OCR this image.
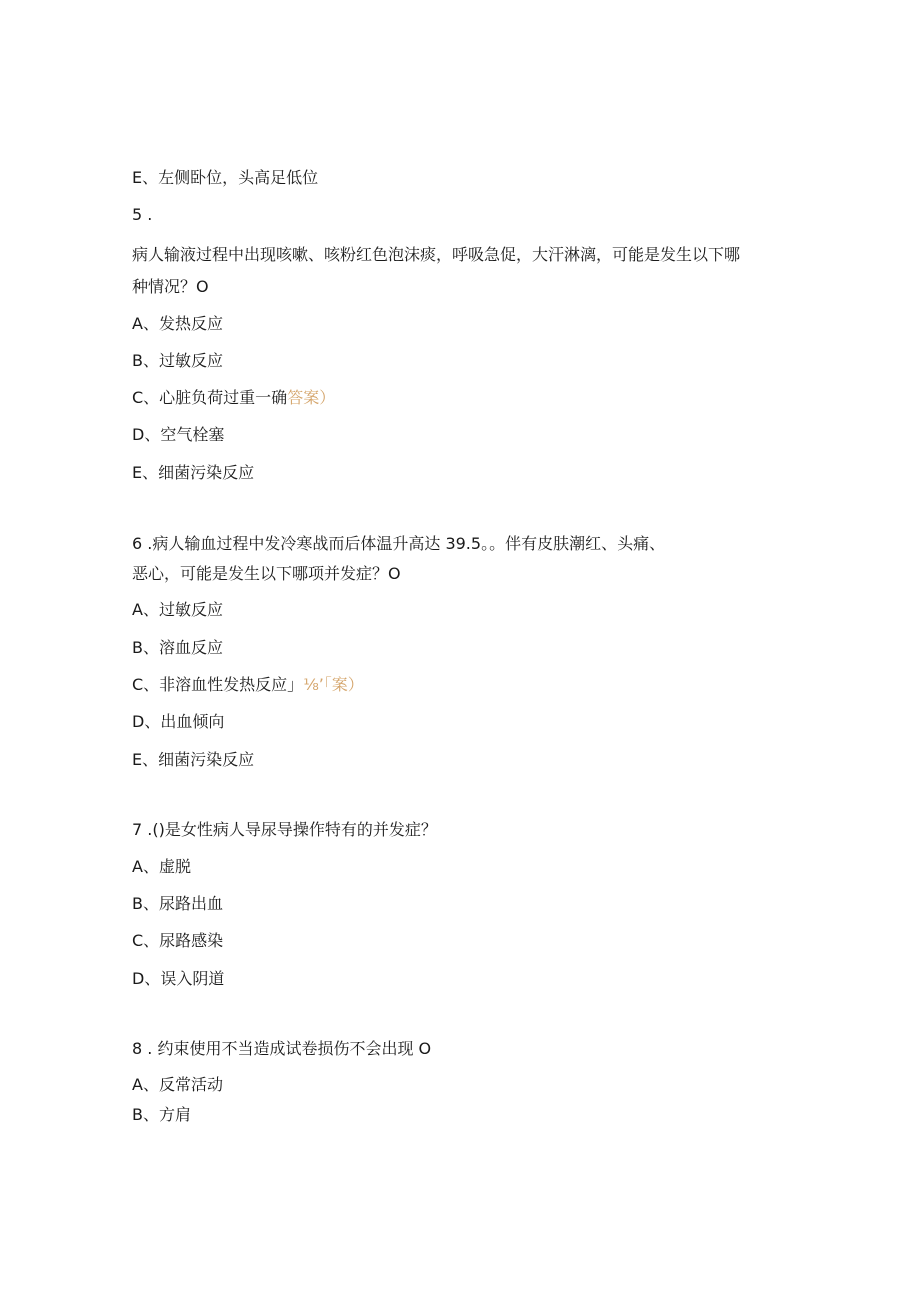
E、左侧卧位，头高足低位
5 .
病人输液过程中出现咳嗽、咳粉红色泡沫痰，呼吸急促，大汗淋漓，可能是发生以下哪
种情况？O
A、发热反应
B、过敏反应
C、心脏负荷过重一确答案）
D、空气栓塞
E、细菌污染反应
6 .病人输血过程中发冷寒战而后体温升高达 39.5。。伴有皮肤潮红、头痛、
恶心，可能是发生以下哪项并发症？O
A、过敏反应
B、溶血反应
C、非溶血性发热反应」⅛’「案）
D、出血倾向
E、细菌污染反应
7 .()是女性病人导尿导操作特有的并发症？
A、虚脱
B、尿路出血
C、尿路感染
D、误入阴道
8 . 约束使用不当造成试卷损伤不会出现 O
A、反常活动
B、方肩
